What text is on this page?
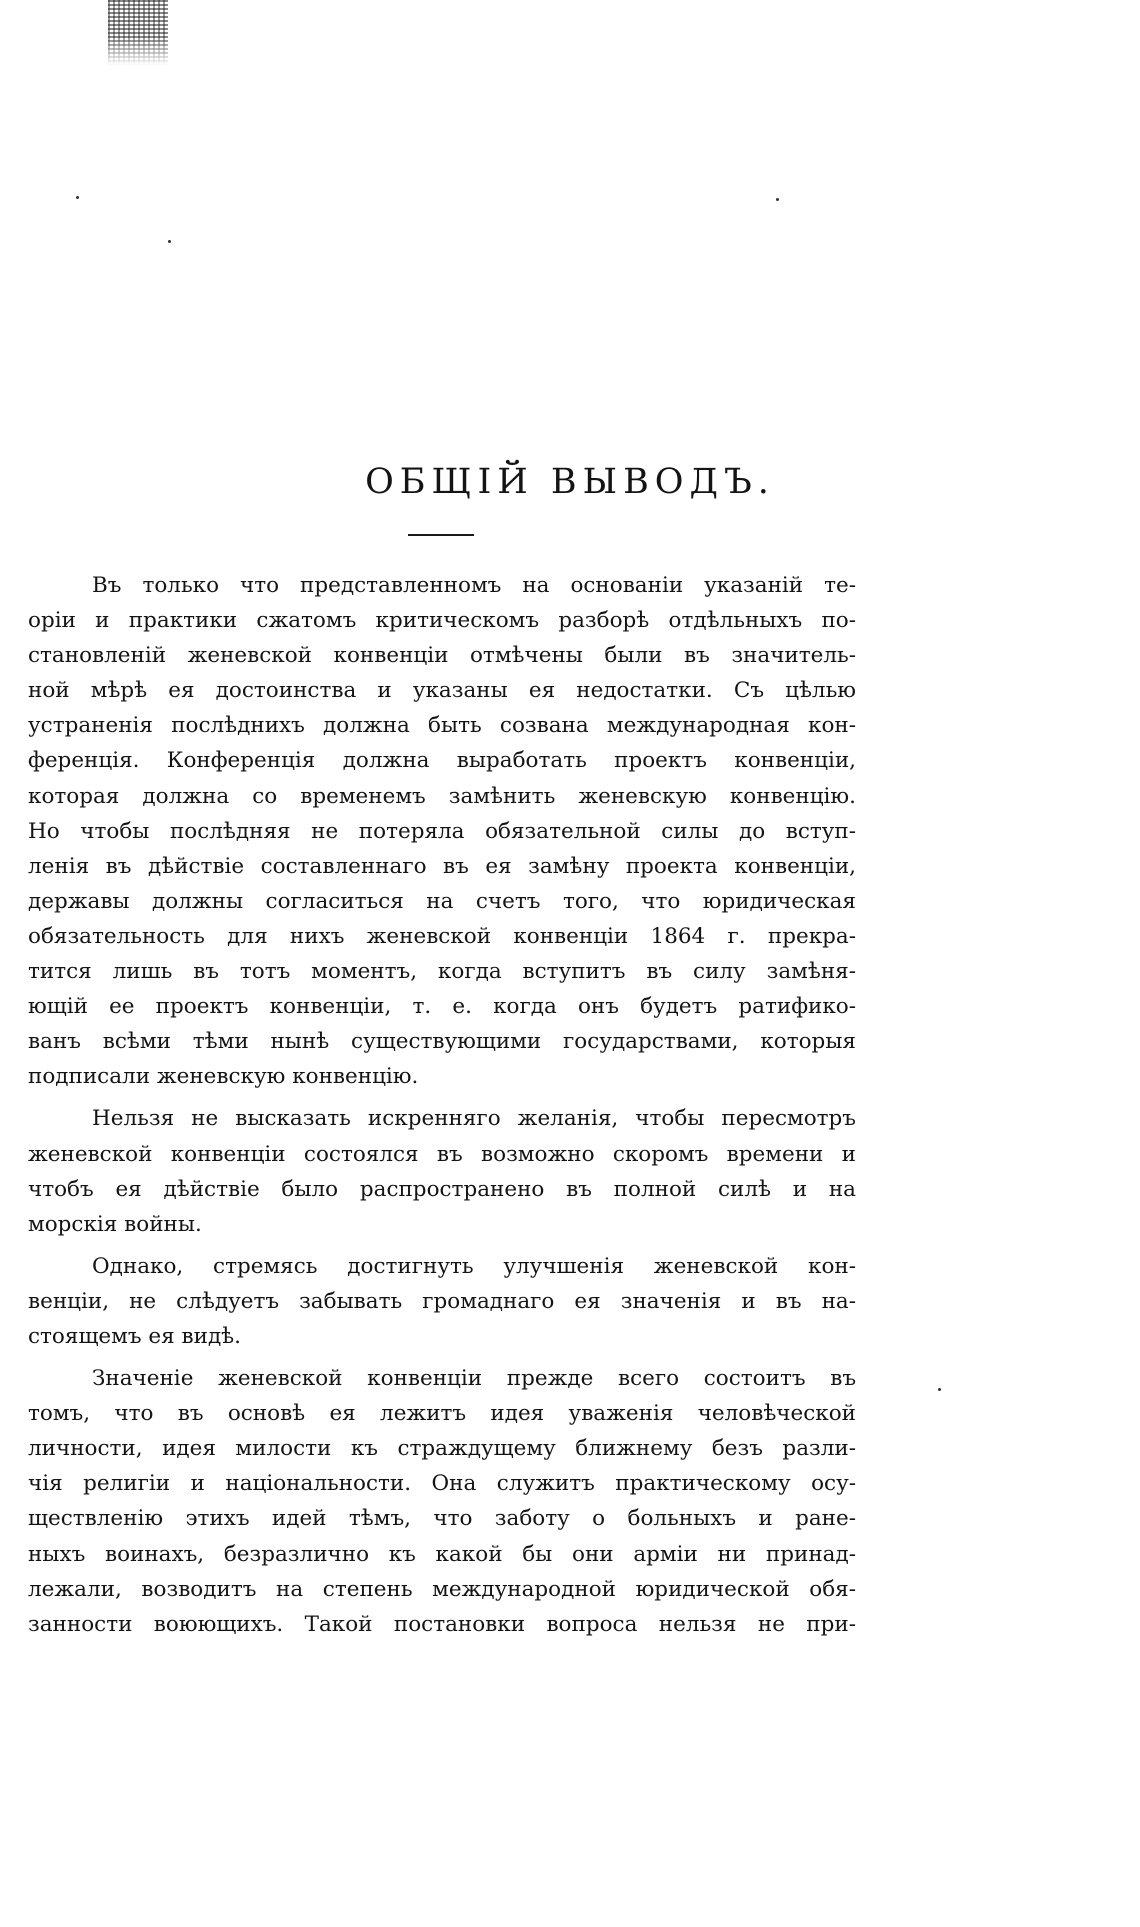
ОБЩІЙ ВЫВОДЪ.
Въ только что представленномъ на основаніи указаній те-
оріи и практики сжатомъ критическомъ разборѣ отдѣльныхъ по-
становленій женевской конвенціи отмѣчены были въ значитель-
ной мѣрѣ ея достоинства и указаны ея недостатки. Съ цѣлью
устраненія послѣднихъ должна быть созвана международная кон-
ференція. Конференція должна выработать проектъ конвенціи,
которая должна со временемъ замѣнить женевскую конвенцію.
Но чтобы послѣдняя не потеряла обязательной силы до вступ-
ленія въ дѣйствіе составленнаго въ ея замѣну проекта конвенціи,
державы должны согласиться на счетъ того, что юридическая
обязательность для нихъ женевской конвенціи 1864 г. прекра-
тится лишь въ тотъ моментъ, когда вступитъ въ силу замѣня-
ющій ее проектъ конвенціи, т. е. когда онъ будетъ ратифико-
ванъ всѣми тѣми нынѣ существующими государствами, которыя
подписали женевскую конвенцію.
Нельзя не высказать искренняго желанія, чтобы пересмотръ
женевской конвенціи состоялся въ возможно скоромъ времени и
чтобъ ея дѣйствіе было распространено въ полной силѣ и на
морскія войны.
Однако, стремясь достигнуть улучшенія женевской кон-
венціи, не слѣдуетъ забывать громаднаго ея значенія и въ на-
стоящемъ ея видѣ.
Значеніе женевской конвенціи прежде всего состоитъ въ
томъ, что въ основѣ ея лежитъ идея уваженія человѣческой
личности, идея милости къ страждущему ближнему безъ разли-
чія религіи и національности. Она служитъ практическому осу-
ществленію этихъ идей тѣмъ, что заботу о больныхъ и ране-
ныхъ воинахъ, безразлично къ какой бы они арміи ни принад-
лежали, возводитъ на степень международной юридической обя-
занности воюющихъ. Такой постановки вопроса нельзя не при-
